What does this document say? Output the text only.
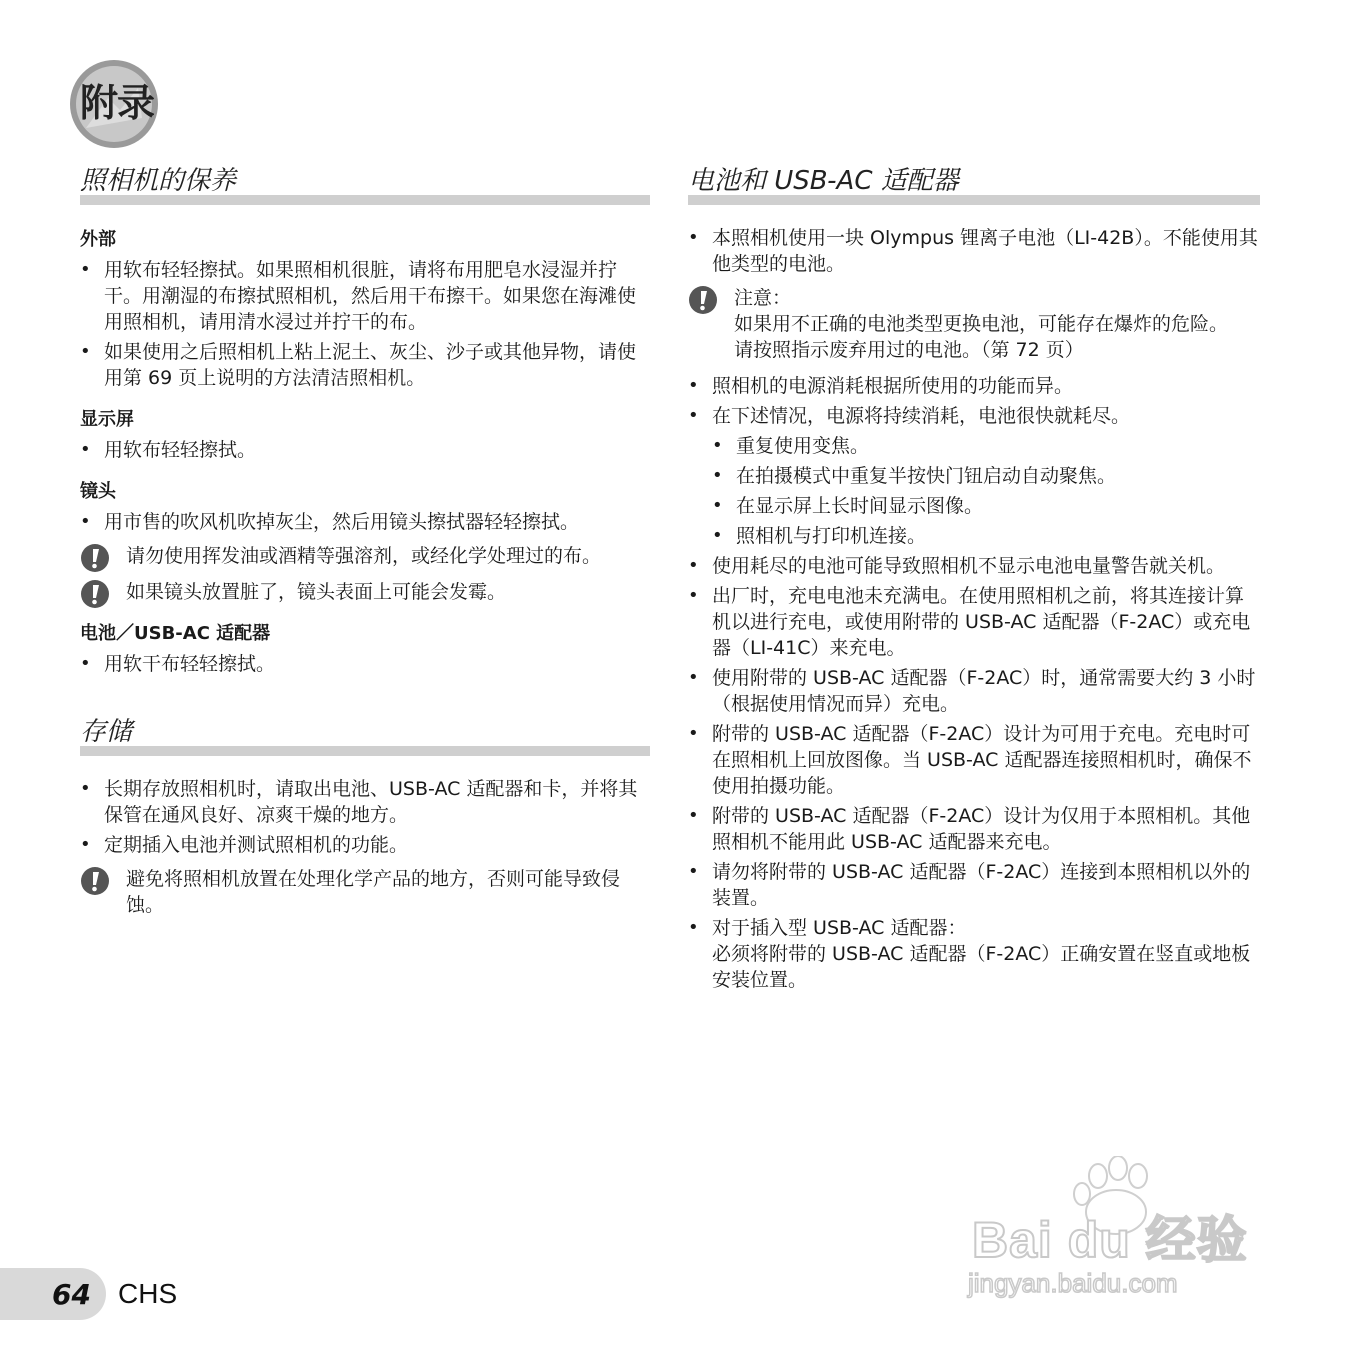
附录
照相机的保养
外部
• 用软布轻轻擦拭。如果照相机很脏，请将布用肥皂水浸湿并拧干。用潮湿的布擦拭照相机，然后用干布擦干。如果您在海滩使用照相机，请用清水浸过并拧干的布。
• 如果使用之后照相机上粘上泥土、灰尘、沙子或其他异物，请使用第 69 页上说明的方法清洁照相机。
显示屏
• 用软布轻轻擦拭。
镜头
• 用市售的吹风机吹掉灰尘，然后用镜头擦拭器轻轻擦拭。
请勿使用挥发油或酒精等强溶剂，或经化学处理过的布。
如果镜头放置脏了，镜头表面上可能会发霉。
电池／USB-AC 适配器
• 用软干布轻轻擦拭。
存储
• 长期存放照相机时，请取出电池、USB-AC 适配器和卡，并将其保管在通风良好、凉爽干燥的地方。
• 定期插入电池并测试照相机的功能。
避免将照相机放置在处理化学产品的地方，否则可能导致侵蚀。
电池和 USB-AC 适配器
• 本照相机使用一块 Olympus 锂离子电池（LI-42B）。不能使用其他类型的电池。
注意：
如果用不正确的电池类型更换电池，可能存在爆炸的危险。
请按照指示废弃用过的电池。（第 72 页）
• 照相机的电源消耗根据所使用的功能而异。
• 在下述情况，电源将持续消耗，电池很快就耗尽。
• 重复使用变焦。
• 在拍摄模式中重复半按快门钮启动自动聚焦。
• 在显示屏上长时间显示图像。
• 照相机与打印机连接。
• 使用耗尽的电池可能导致照相机不显示电池电量警告就关机。
• 出厂时，充电电池未充满电。在使用照相机之前，将其连接计算机以进行充电，或使用附带的 USB-AC 适配器（F-2AC）或充电器（LI-41C）来充电。
• 使用附带的 USB-AC 适配器（F-2AC）时，通常需要大约 3 小时（根据使用情况而异）充电。
• 附带的 USB-AC 适配器（F-2AC）设计为可用于充电。充电时可在照相机上回放图像。当 USB-AC 适配器连接照相机时，确保不使用拍摄功能。
• 附带的 USB-AC 适配器（F-2AC）设计为仅用于本照相机。其他照相机不能用此 USB-AC 适配器来充电。
• 请勿将附带的 USB-AC 适配器（F-2AC）连接到本照相机以外的装置。
• 对于插入型 USB-AC 适配器：
必须将附带的 USB-AC 适配器（F-2AC）正确安置在竖直或地板安装位置。
Bai du 经验
jingyan.baidu.com
64 CHS
